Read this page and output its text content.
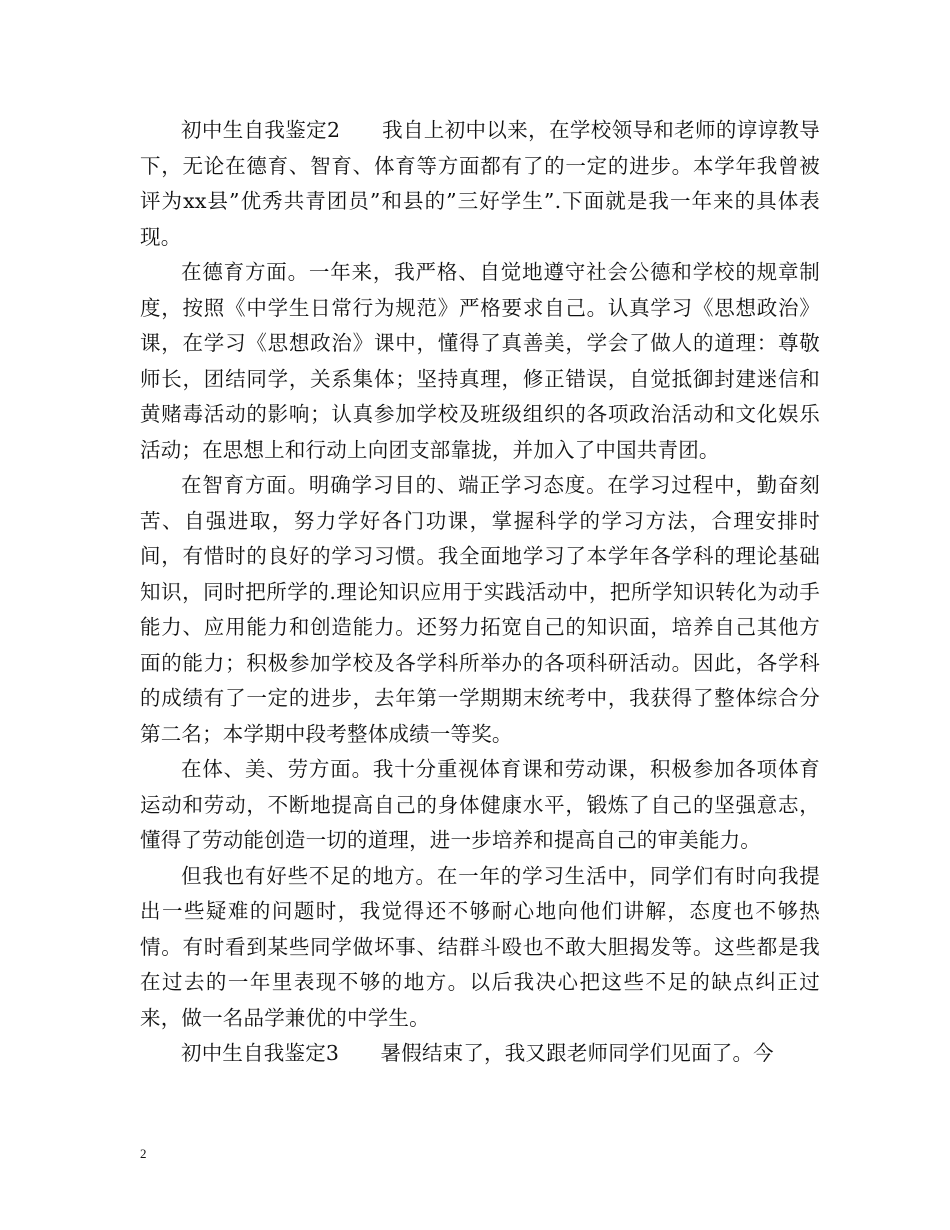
初中生自我鉴定2　　我自上初中以来，在学校领导和老师的谆谆教导下，无论在德育、智育、体育等方面都有了的一定的进步。本学年我曾被评为xx县”优秀共青团员”和县的”三好学生”.下面就是我一年来的具体表现。

在德育方面。一年来，我严格、自觉地遵守社会公德和学校的规章制度，按照《中学生日常行为规范》严格要求自己。认真学习《思想政治》课，在学习《思想政治》课中，懂得了真善美，学会了做人的道理：尊敬师长，团结同学，关系集体；坚持真理，修正错误，自觉抵御封建迷信和黄赌毒活动的影响；认真参加学校及班级组织的各项政治活动和文化娱乐活动；在思想上和行动上向团支部靠拢，并加入了中国共青团。

在智育方面。明确学习目的、端正学习态度。在学习过程中，勤奋刻苦、自强进取，努力学好各门功课，掌握科学的学习方法，合理安排时间，有惜时的良好的学习习惯。我全面地学习了本学年各学科的理论基础知识，同时把所学的.理论知识应用于实践活动中，把所学知识转化为动手能力、应用能力和创造能力。还努力拓宽自己的知识面，培养自己其他方面的能力；积极参加学校及各学科所举办的各项科研活动。因此，各学科的成绩有了一定的进步，去年第一学期期末统考中，我获得了整体综合分第二名；本学期中段考整体成绩一等奖。

在体、美、劳方面。我十分重视体育课和劳动课，积极参加各项体育运动和劳动，不断地提高自己的身体健康水平，锻炼了自己的坚强意志，懂得了劳动能创造一切的道理，进一步培养和提高自己的审美能力。

但我也有好些不足的地方。在一年的学习生活中，同学们有时向我提出一些疑难的问题时，我觉得还不够耐心地向他们讲解，态度也不够热情。有时看到某些同学做坏事、结群斗殴也不敢大胆揭发等。这些都是我在过去的一年里表现不够的地方。以后我决心把这些不足的缺点纠正过来，做一名品学兼优的中学生。

初中生自我鉴定3　　暑假结束了，我又跟老师同学们见面了。今

2
